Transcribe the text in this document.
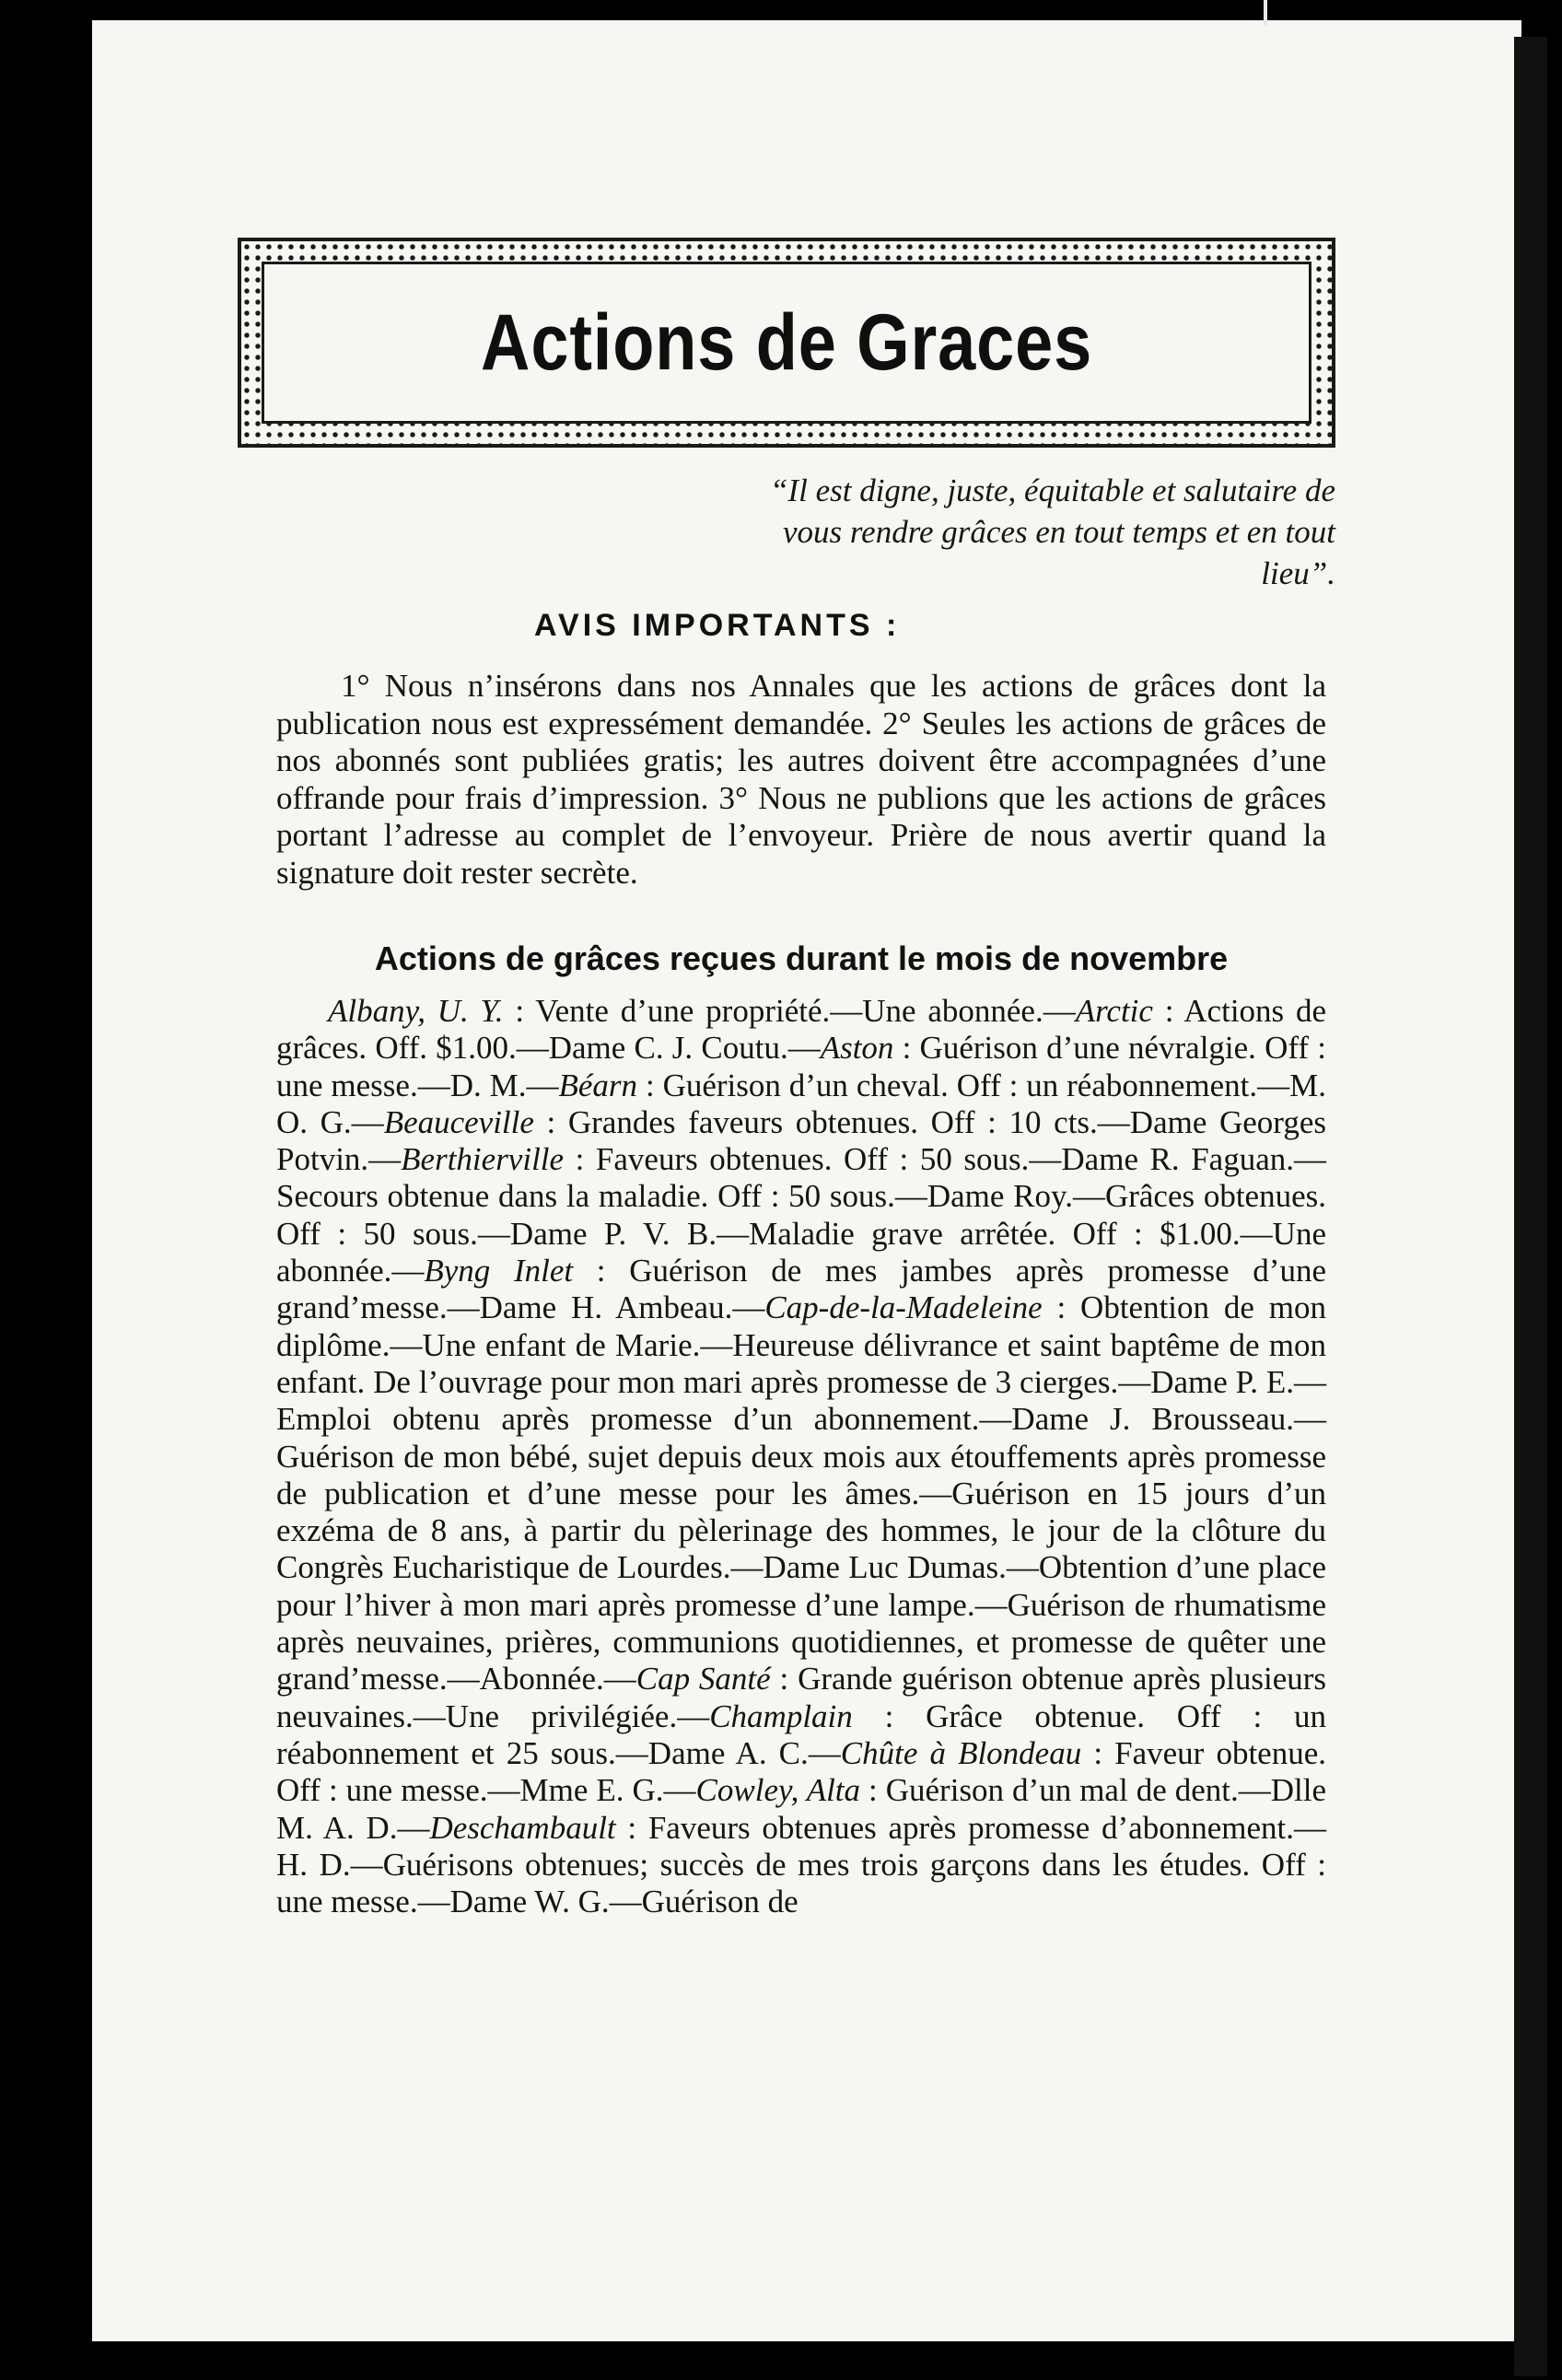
Actions de Graces
“Il est digne, juste, équitable et salutaire de vous rendre grâces en tout temps et en tout lieu”.
AVIS IMPORTANTS :
1° Nous n’insérons dans nos Annales que les actions de grâces dont la publication nous est expressément demandée. 2° Seules les actions de grâces de nos abonnés sont publiées gratis; les autres doivent être accompagnées d’une offrande pour frais d’impression. 3° Nous ne publions que les actions de grâces portant l’adresse au complet de l’envoyeur. Prière de nous avertir quand la signature doit rester secrète.
Actions de grâces reçues durant le mois de novembre
Albany, U. Y. : Vente d’une propriété.—Une abonnée.—Arctic : Actions de grâces. Off. $1.00.—Dame C. J. Coutu.—Aston : Guérison d’une névralgie. Off : une messe.—D. M.—Béarn : Guérison d’un cheval. Off : un réabonnement.—M. O. G.—Beauceville : Grandes faveurs obtenues. Off : 10 cts.—Dame Georges Potvin.—Berthierville : Faveurs obtenues. Off : 50 sous.—Dame R. Faguan.—Secours obtenue dans la maladie. Off : 50 sous.—Dame Roy.—Grâces obtenues. Off : 50 sous.—Dame P. V. B.—Maladie grave arrêtée. Off : $1.00.—Une abonnée.—Byng Inlet : Guérison de mes jambes après promesse d’une grand’messe.—Dame H. Ambeau.—Cap-de-la-Madeleine : Obtention de mon diplôme.—Une enfant de Marie.—Heureuse délivrance et saint baptême de mon enfant. De l’ouvrage pour mon mari après promesse de 3 cierges.—Dame P. E.—Emploi obtenu après promesse d’un abonnement.—Dame J. Brousseau.—Guérison de mon bébé, sujet depuis deux mois aux étouffements après promesse de publication et d’une messe pour les âmes.—Guérison en 15 jours d’un exzéma de 8 ans, à partir du pèlerinage des hommes, le jour de la clôture du Congrès Eucharistique de Lourdes.—Dame Luc Dumas.—Obtention d’une place pour l’hiver à mon mari après promesse d’une lampe.—Guérison de rhumatisme après neuvaines, prières, communions quotidiennes, et promesse de quêter une grand’messe.—Abonnée.—Cap Santé : Grande guérison obtenue après plusieurs neuvaines.—Une privilégiée.—Champlain : Grâce obtenue. Off : un réabonnement et 25 sous.—Dame A. C.—Chûte à Blondeau : Faveur obtenue. Off : une messe.—Mme E. G.—Cowley, Alta : Guérison d’un mal de dent.—Dlle M. A. D.—Deschambault : Faveurs obtenues après promesse d’abonnement.—H. D.—Guérisons obtenues; succès de mes trois garçons dans les études. Off : une messe.—Dame W. G.—Guérison de
